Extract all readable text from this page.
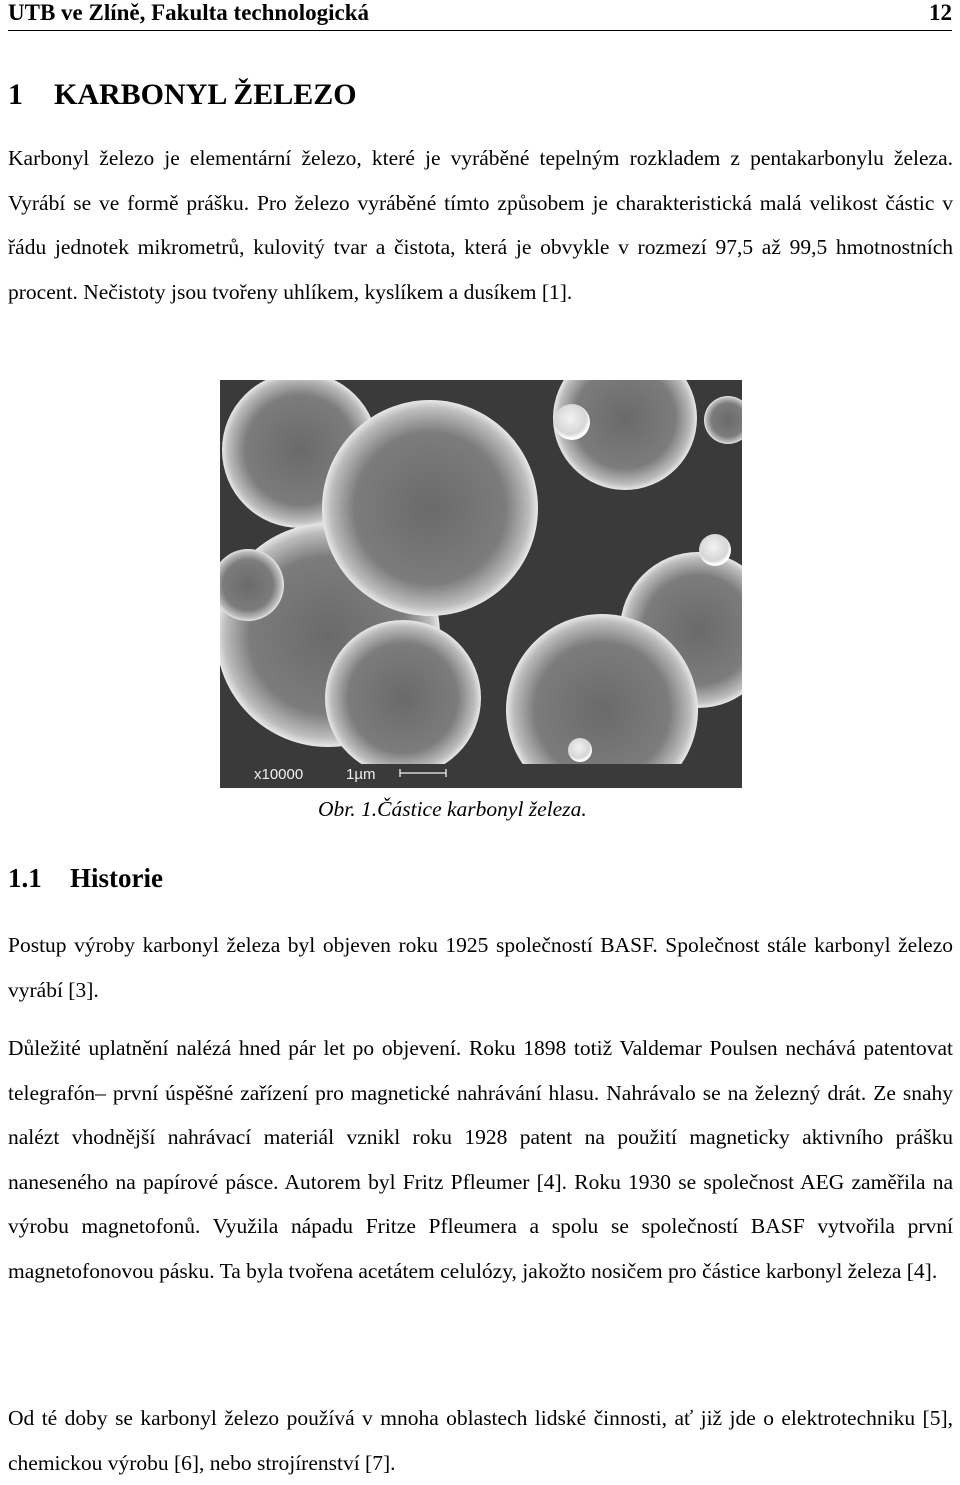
UTB ve Zlíně, Fakulta technologická	12
1 KARBONYL ŽELEZO

Karbonyl železo je elementární železo, které je vyráběné tepelným rozkladem z pentakarbonylu železa. Vyrábí se ve formě prášku. Pro železo vyráběné tímto způsobem je charakteristická malá velikost částic v řádu jednotek mikrometrů, kulovitý tvar a čistota, která je obvykle v rozmezí 97,5 až 99,5 hmotnostních procent. Nečistoty jsou tvořeny uhlíkem, kyslíkem a dusíkem [1].

x10000	1µm
Obr. 1.Částice karbonyl železa.
1.1 Historie

Postup výroby karbonyl železa byl objeven roku 1925 společností BASF. Společnost stále karbonyl železo vyrábí [3].

Důležité uplatnění nalézá hned pár let po objevení. Roku 1898 totiž Valdemar Poulsen nechává patentovat telegrafón– první úspěšné zařízení pro magnetické nahrávání hlasu. Nahrávalo se na železný drát. Ze snahy nalézt vhodnější nahrávací materiál vznikl roku 1928 patent na použití magneticky aktivního prášku naneseného na papírové pásce. Autorem byl Fritz Pfleumer [4]. Roku 1930 se společnost AEG zaměřila na výrobu magnetofonů. Využila nápadu Fritze Pfleumera a spolu se společností BASF vytvořila první magnetofonovou pásku. Ta byla tvořena acetátem celulózy, jakožto nosičem pro částice karbonyl železa [4].

Od té doby se karbonyl železo používá v mnoha oblastech lidské činnosti, ať již jde o elektrotechniku [5], chemickou výrobu [6], nebo strojírenství [7].
